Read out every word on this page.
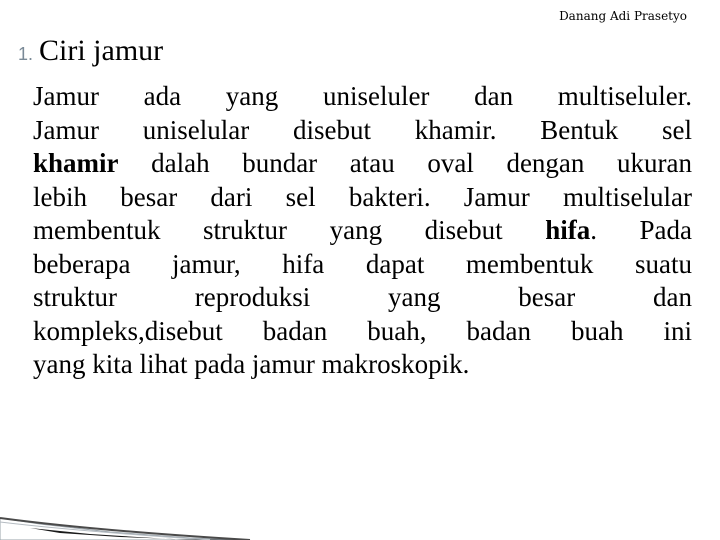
Danang Adi Prasetyo
1. Ciri jamur
Jamur ada yang uniseluler dan multiseluler.
Jamur uniselular disebut khamir. Bentuk sel
khamir dalah bundar atau oval dengan ukuran
lebih besar dari sel bakteri. Jamur multiselular
membentuk struktur yang disebut hifa. Pada
beberapa jamur, hifa dapat membentuk suatu
struktur reproduksi yang besar dan
kompleks,disebut badan buah, badan buah ini
yang kita lihat pada jamur makroskopik.
